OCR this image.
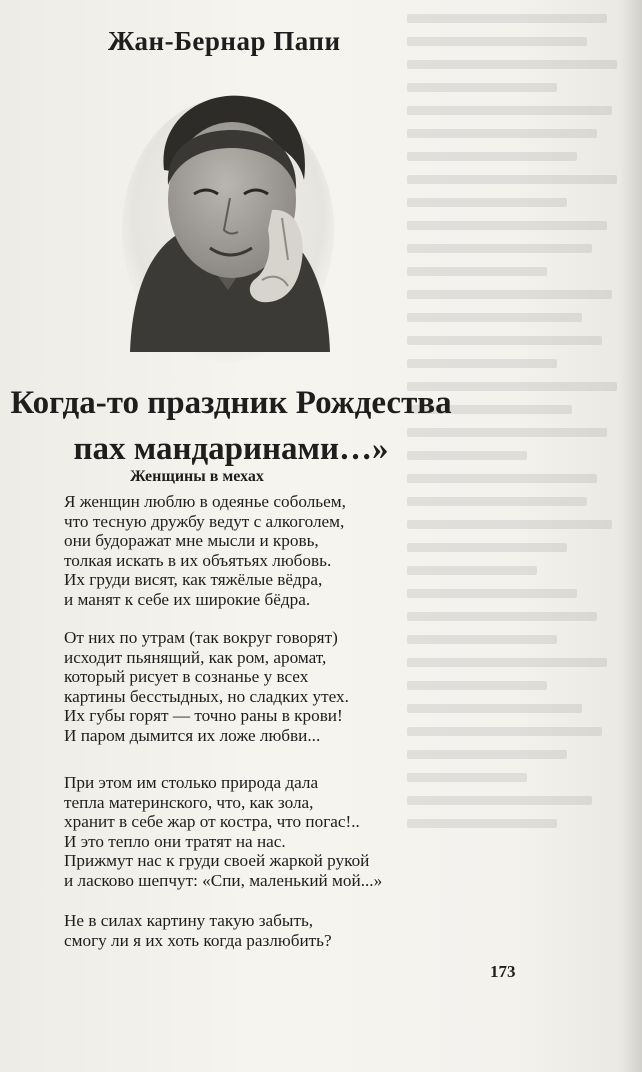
Жан-Бернар Папи
Когда-то праздник Рождества
пах мандаринами…»
Женщины в мехах
Я женщин люблю в одеянье собольем,
что тесную дружбу ведут с алкоголем,
они будоражат мне мысли и кровь,
толкая искать в их объятьях любовь.
Их груди висят, как тяжёлые вёдра,
и манят к себе их широкие бёдра.
От них по утрам (так вокруг говорят)
исходит пьянящий, как ром, аромат,
который рисует в сознанье у всех
картины бесстыдных, но сладких утех.
Их губы горят — точно раны в крови!
И паром дымится их ложе любви...
При этом им столько природа дала
тепла материнского, что, как зола,
хранит в себе жар от костра, что погас!..
И это тепло они тратят на нас.
Прижмут нас к груди своей жаркой рукой
и ласково шепчут: «Спи, маленький мой...»
Не в силах картину такую забыть,
смогу ли я их хоть когда разлюбить?
173
